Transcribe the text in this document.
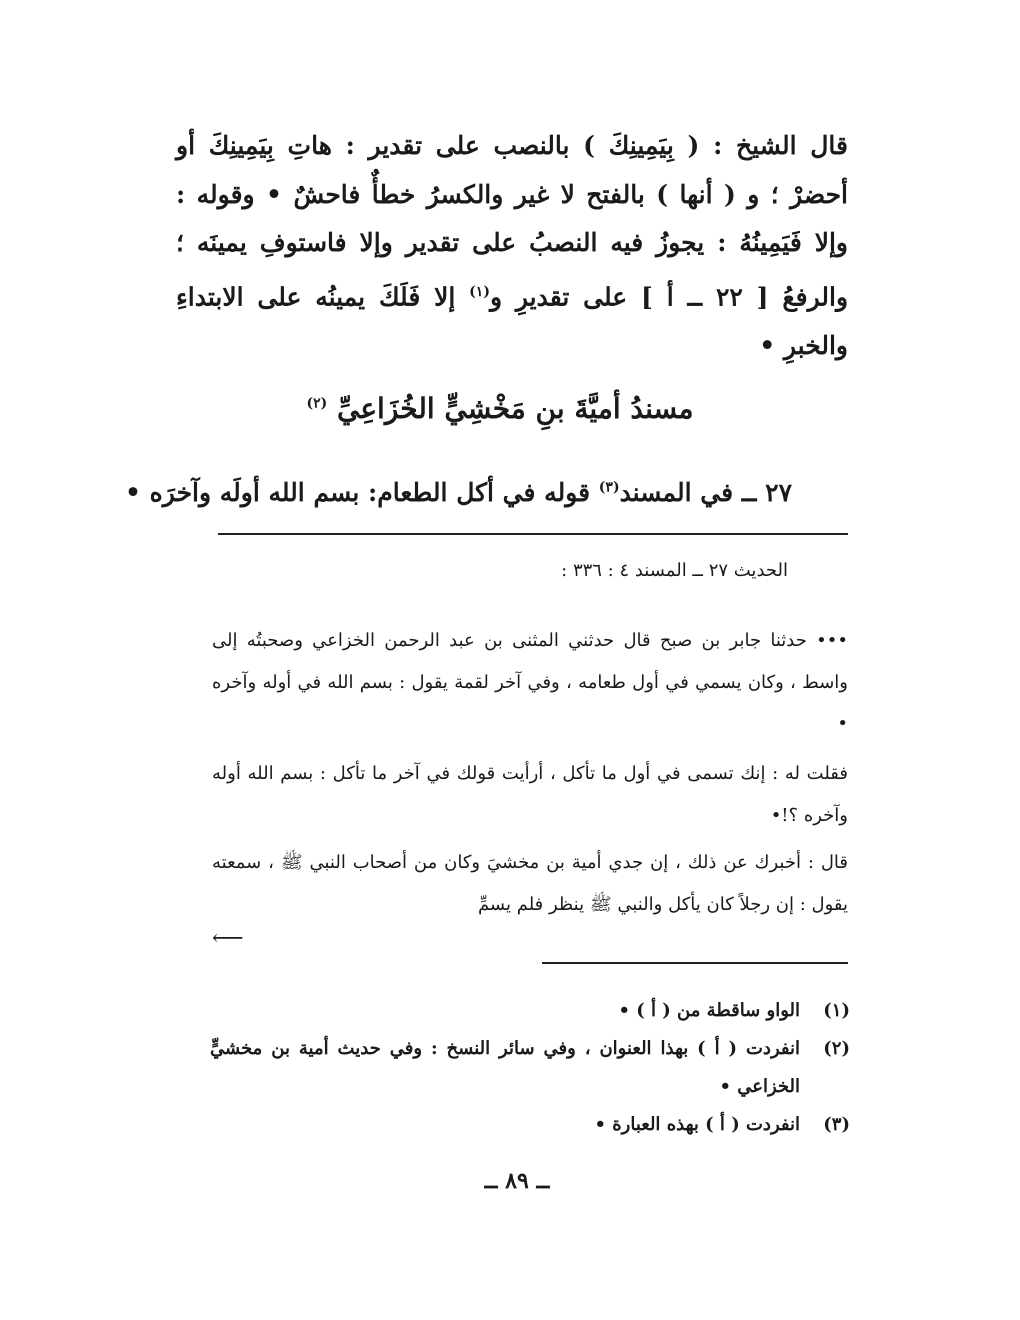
قال الشيخ : ( بِيَمِينِكَ ) بالنصب على تقدير : هاتِ بِيَمِينِكَ أو أحضرْ ؛ و ( أنها ) بالفتح لا غير والكسرُ خطأٌ فاحشٌ • وقوله : وإلا فَيَمِينُهُ : يجوزُ فيه النصبُ على تقدير وإلا فاستوفِ يمينَه ؛ والرفعُ [ ٢٢ ــ أ ] على تقديرِ و$^{(١)}$ إلا فَلَكَ يمينُه على الابتداءِ والخبرِ •

مسندُ أميَّةَ بنِ مَخْشِيٍّ الخُزَاعِيِّ $^{(٢)}$
٢٧ ــ في المسند$^{(٣)}$ قوله في أكل الطعام: بسم الله أولَه وآخرَه •
الحديث ٢٧ ــ المسند ٤ : ٣٣٦ :

••• حدثنا جابر بن صبح قال حدثني المثنى بن عبد الرحمن الخزاعي وصحبتُه إلى واسط ، وكان يسمي في أول طعامه ، وفي آخر لقمة يقول : بسم الله في أوله وآخره •

فقلت له : إنك تسمى في أول ما تأكل ، أرأيت قولك في آخر ما تأكل : بسم الله أوله وآخره ؟!•

قال : أخبرك عن ذلك ، إن جدي أمية بن مخشيَ وكان من أصحاب النبي ﷺ ، سمعته يقول : إن رجلاً كان يأكل والنبي ﷺ ينظر فلم يسمِّ

⟵
(١)
الواو ساقطة من ( أ ) •
(٢)
انفردت ( أ ) بهذا العنوان ، وفي سائر النسخ : وفي حديث أمية بن مخشيٍّ الخزاعي •
(٣)
انفردت ( أ ) بهذه العبارة •
ــ ٨٩ ــ
